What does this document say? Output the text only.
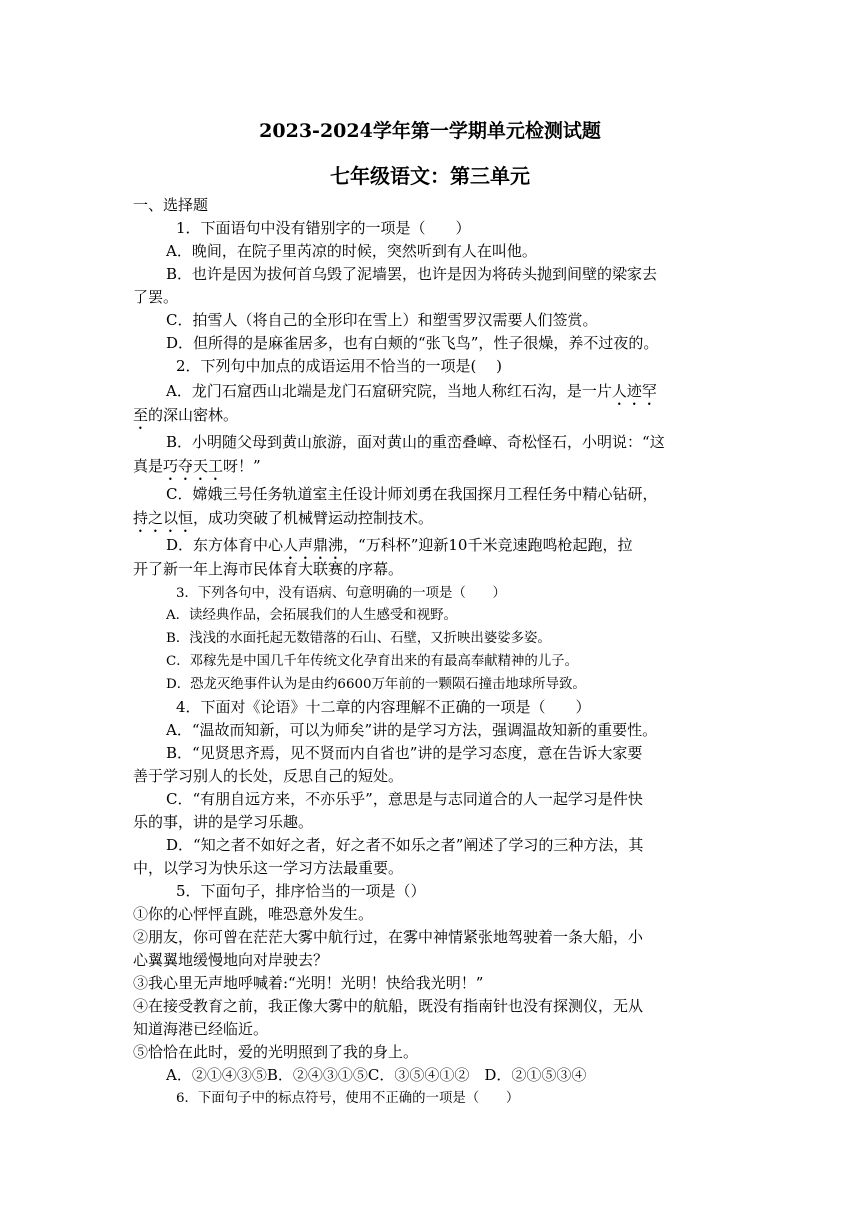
2023-2024学年第一学期单元检测试题
七年级语文：第三单元
一、选择题
1．下面语句中没有错别字的一项是（　　）
A．晚间，在院子里芮凉的时候，突然听到有人在叫他。
B．也许是因为拔何首乌毁了泥墙罢，也许是因为将砖头抛到间壁的梁家去
了罢。
C．拍雪人（将自己的全形印在雪上）和塑雪罗汉需要人们签赏。
D．但所得的是麻雀居多，也有白颊的“张飞鸟”，性子很燥，养不过夜的。
2．下列句中加点的成语运用不恰当的一项是(　 )
A．龙门石窟西山北端是龙门石窟研究院，当地人称红石沟，是一片人迹罕
至的深山密林。
B．小明随父母到黄山旅游，面对黄山的重峦叠嶂、奇松怪石，小明说：“这
真是巧夺天工呀！”
C．嫦娥三号任务轨道室主任设计师刘勇在我国探月工程任务中精心钻研，
持之以恒，成功突破了机械臂运动控制技术。
D．东方体育中心人声鼎沸，“万科杯”迎新10千米竞速跑鸣枪起跑，拉
开了新一年上海市民体育大联赛的序幕。
3．下列各句中，没有语病、句意明确的一项是（　　）
A．读经典作品，会拓展我们的人生感受和视野。
B．浅浅的水面托起无数错落的石山、石壁，又折映出婆娑多姿。
C．邓稼先是中国几千年传统文化孕育出来的有最高奉献精神的儿子。
D．恐龙灭绝事件认为是由约6600万年前的一颗陨石撞击地球所导致。
4．下面对《论语》十二章的内容理解不正确的一项是（　　）
A．“温故而知新，可以为师矣”讲的是学习方法，强调温故知新的重要性。
B．“见贤思齐焉，见不贤而内自省也”讲的是学习态度，意在告诉大家要
善于学习别人的长处，反思自己的短处。
C．“有朋自远方来，不亦乐乎”，意思是与志同道合的人一起学习是件快
乐的事，讲的是学习乐趣。
D．“知之者不如好之者，好之者不如乐之者”阐述了学习的三种方法，其
中，以学习为快乐这一学习方法最重要。
5．下面句子，排序恰当的一项是（）
①你的心怦怦直跳，唯恐意外发生。
②朋友，你可曾在茫茫大雾中航行过，在雾中神情紧张地驾驶着一条大船，小
心翼翼地缓慢地向对岸驶去？
③我心里无声地呼喊着:“光明！光明！快给我光明！”
④在接受教育之前，我正像大雾中的航船，既没有指南针也没有探测仪，无从
知道海港已经临近。
⑤恰恰在此时，爱的光明照到了我的身上。
A．②①④③⑤B．②④③①⑤C．③⑤④①②　D．②①⑤③④
6．下面句子中的标点符号，使用不正确的一项是（　　）
